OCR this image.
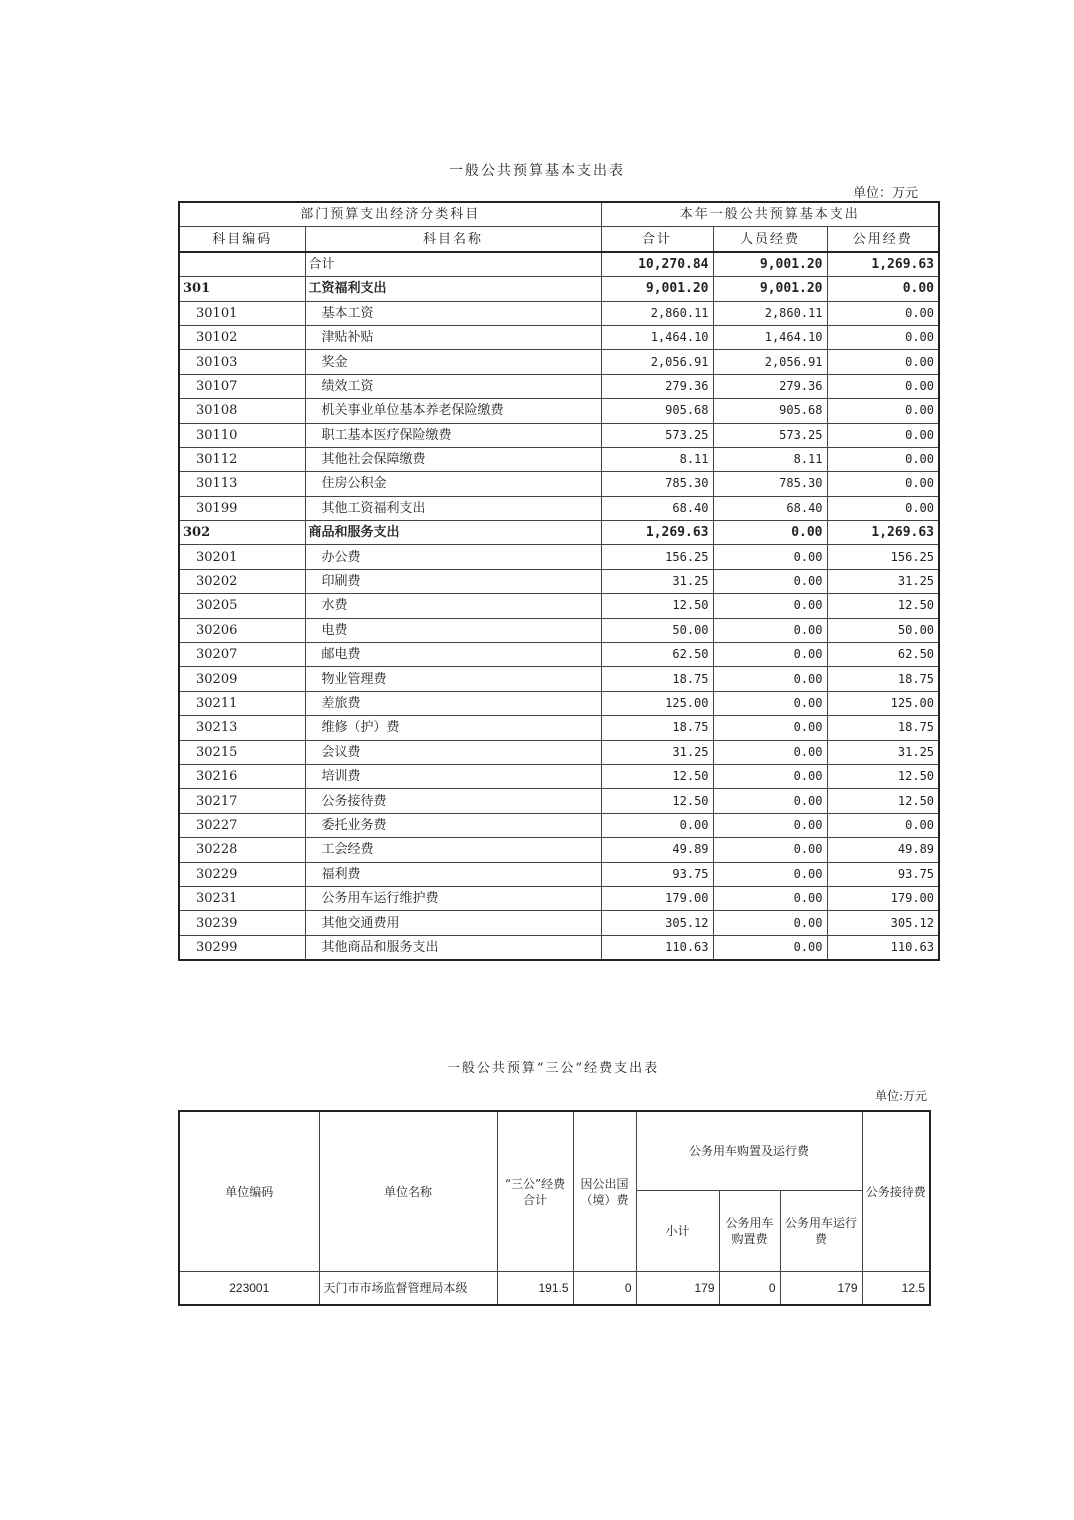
一般公共预算基本支出表
单位：万元
部门预算支出经济分类科目		本年一般公共预算基本支出		
科目编码	科目名称	合计	人员经费	公用经费
	合计	10,270.84	9,001.20	1,269.63
301	工资福利支出	9,001.20	9,001.20	0.00
30101	基本工资	2,860.11	2,860.11	0.00
30102	津贴补贴	1,464.10	1,464.10	0.00
30103	奖金	2,056.91	2,056.91	0.00
30107	绩效工资	279.36	279.36	0.00
30108	机关事业单位基本养老保险缴费	905.68	905.68	0.00
30110	职工基本医疗保险缴费	573.25	573.25	0.00
30112	其他社会保障缴费	8.11	8.11	0.00
30113	住房公积金	785.30	785.30	0.00
30199	其他工资福利支出	68.40	68.40	0.00
302	商品和服务支出	1,269.63	0.00	1,269.63
30201	办公费	156.25	0.00	156.25
30202	印刷费	31.25	0.00	31.25
30205	水费	12.50	0.00	12.50
30206	电费	50.00	0.00	50.00
30207	邮电费	62.50	0.00	62.50
30209	物业管理费	18.75	0.00	18.75
30211	差旅费	125.00	0.00	125.00
30213	维修（护）费	18.75	0.00	18.75
30215	会议费	31.25	0.00	31.25
30216	培训费	12.50	0.00	12.50
30217	公务接待费	12.50	0.00	12.50
30227	委托业务费	0.00	0.00	0.00
30228	工会经费	49.89	0.00	49.89
30229	福利费	93.75	0.00	93.75
30231	公务用车运行维护费	179.00	0.00	179.00
30239	其他交通费用	305.12	0.00	305.12
30299	其他商品和服务支出	110.63	0.00	110.63
一般公共预算“三公”经费支出表
单位:万元
单位编码	单位名称	“三公”经费合计	因公出国（境）费	公务用车购置及运行费			公务接待费
				小计	公务用车购置费	公务用车运行费	
223001	天门市市场监督管理局本级	191.5	0	179	0	179	12.5
